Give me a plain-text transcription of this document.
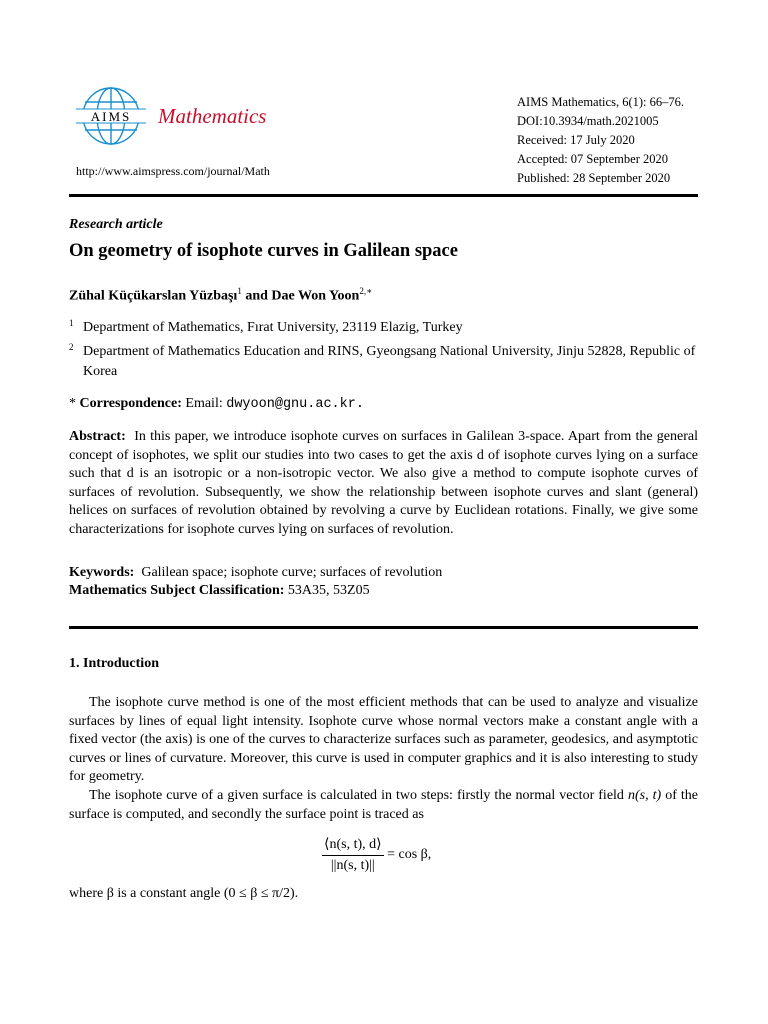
AIMS Mathematics
http://www.aimspress.com/journal/Math
AIMS Mathematics, 6(1): 66–76.
DOI:10.3934/math.2021005
Received: 17 July 2020
Accepted: 07 September 2020
Published: 28 September 2020
Research article
On geometry of isophote curves in Galilean space
Zühal Küçükarslan Yüzbaşı$^1$ and Dae Won Yoon$^{2,∗}$
1 Department of Mathematics, Fırat University, 23119 Elazig, Turkey
2 Department of Mathematics Education and RINS, Gyeongsang National University, Jinju 52828, Republic of Korea
* Correspondence: Email: dwyoon@gnu.ac.kr.
Abstract: In this paper, we introduce isophote curves on surfaces in Galilean 3-space. Apart from the general concept of isophotes, we split our studies into two cases to get the axis d of isophote curves lying on a surface such that d is an isotropic or a non-isotropic vector. We also give a method to compute isophote curves of surfaces of revolution. Subsequently, we show the relationship between isophote curves and slant (general) helices on surfaces of revolution obtained by revolving a curve by Euclidean rotations. Finally, we give some characterizations for isophote curves lying on surfaces of revolution.
Keywords: Galilean space; isophote curve; surfaces of revolution
Mathematics Subject Classification: 53A35, 53Z05
1. Introduction
The isophote curve method is one of the most efficient methods that can be used to analyze and visualize surfaces by lines of equal light intensity. Isophote curve whose normal vectors make a constant angle with a fixed vector (the axis) is one of the curves to characterize surfaces such as parameter, geodesics, and asymptotic curves or lines of curvature. Moreover, this curve is used in computer graphics and it is also interesting to study for geometry.
The isophote curve of a given surface is calculated in two steps: firstly the normal vector field n(s, t) of the surface is computed, and secondly the surface point is traced as
$\frac{⟨n(s, t), d⟩}{||n(s, t)||} = \cos \beta$,
where β is a constant angle (0 ≤ β ≤ π/2).
